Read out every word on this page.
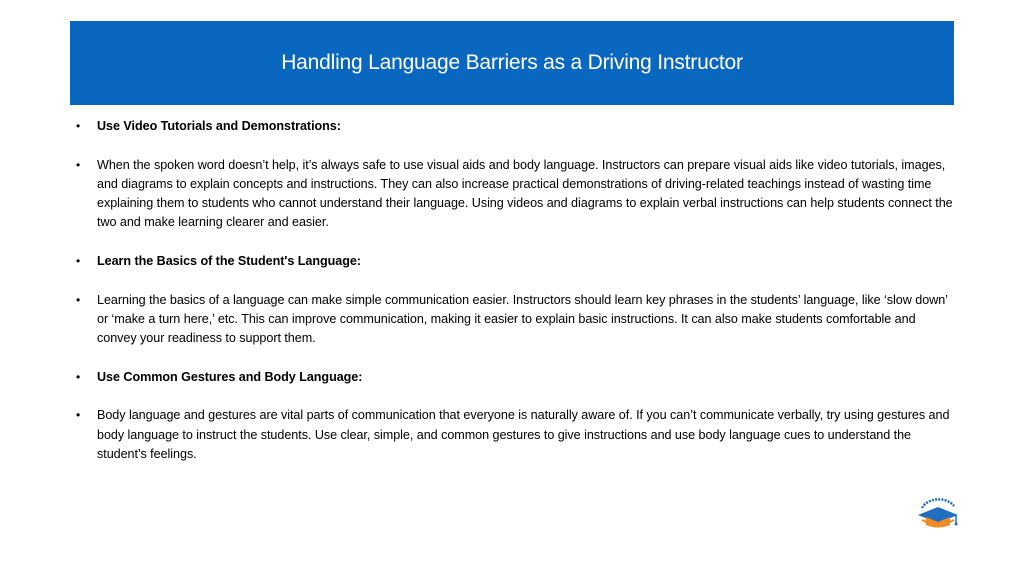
Handling Language Barriers as a Driving Instructor
• Use Video Tutorials and Demonstrations:
• When the spoken word doesn’t help, it’s always safe to use visual aids and body language. Instructors can prepare visual aids like video tutorials, images, and diagrams to explain concepts and instructions. They can also increase practical demonstrations of driving-related teachings instead of wasting time explaining them to students who cannot understand their language. Using videos and diagrams to explain verbal instructions can help students connect the two and make learning clearer and easier.
• Learn the Basics of the Student's Language:
• Learning the basics of a language can make simple communication easier. Instructors should learn key phrases in the students’ language, like ‘slow down’ or ‘make a turn here,’ etc. This can improve communication, making it easier to explain basic instructions. It can also make students comfortable and convey your readiness to support them.
• Use Common Gestures and Body Language:
• Body language and gestures are vital parts of communication that everyone is naturally aware of. If you can’t communicate verbally, try using gestures and body language to instruct the students. Use clear, simple, and common gestures to give instructions and use body language cues to understand the student’s feelings.
